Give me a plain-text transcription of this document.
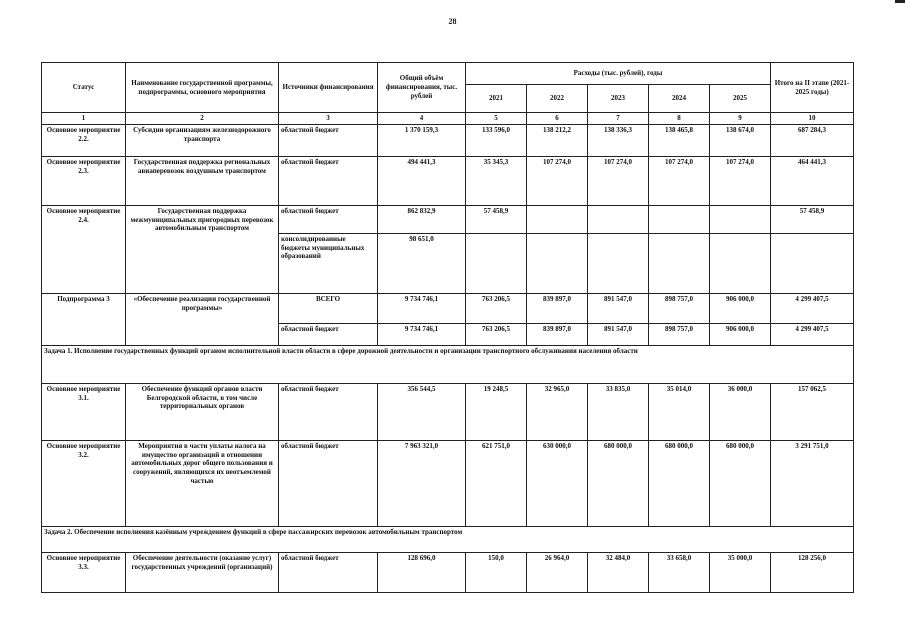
28
Статус	Наименование государственной программы, подпрограммы, основного мероприятия	Источники финансирования	Общий объём финансирования, тыс. рублей	Расходы (тыс. рублей), годы					Итого на II этапе (2021-2025 годы)
				2021	2022	2023	2024	2025	
1	2	3	4	5	6	7	8	9	10
Основное мероприятие 2.2.	Субсидии организациям железнодорожного транспорта	областной бюджет	1 370 159,3	133 596,0	138 212,2	138 336,3	138 465,8	138 674,0	687 284,3
Основное мероприятие 2.3.	Государственная поддержка региональных авиаперевозок воздушным транспортом	областной бюджет	494 441,3	35 345,3	107 274,0	107 274,0	107 274,0	107 274,0	464 441,3
Основное мероприятие 2.4.	Государственная поддержка межмуниципальных пригородных перевозок автомобильным транспортом	областной бюджет	862 832,9	57 458,9					57 458,9
		консолидированные бюджеты муниципальных образований	98 651,0						
Подпрограмма 3	«Обеспечение реализации государственной программы»	ВСЕГО	9 734 746,1	763 206,5	839 897,0	891 547,0	898 757,0	906 000,0	4 299 407,5
		областной бюджет	9 734 746,1	763 206,5	839 897,0	891 547,0	898 757,0	906 000,0	4 299 407,5
Задача 1. Исполнение государственных функций органом исполнительной власти области в сфере дорожной деятельности и организации транспортного обслуживания населения области									
Основное мероприятие 3.1.	Обеспечение функций органов власти Белгородской области, в том числе территориальных органов	областной бюджет	356 544,5	19 248,5	32 965,0	33 835,0	35 014,0	36 000,0	157 062,5
Основное мероприятие 3.2.	Мероприятия в части уплаты налога на имущество организаций в отношении автомобильных дорог общего пользования и сооружений, являющихся их неотъемлемой частью	областной бюджет	7 963 321,0	621 751,0	630 000,0	680 000,0	680 000,0	680 000,0	3 291 751,0
Задача 2. Обеспечение исполнения казённым учреждением функций в сфере пассажирских перевозок автомобильным транспортом									
Основное мероприятие 3.3.	Обеспечение деятельности (оказание услуг) государственных учреждений (организаций)	областной бюджет	128 696,0	150,0	26 964,0	32 484,0	33 658,0	35 000,0	128 256,0
